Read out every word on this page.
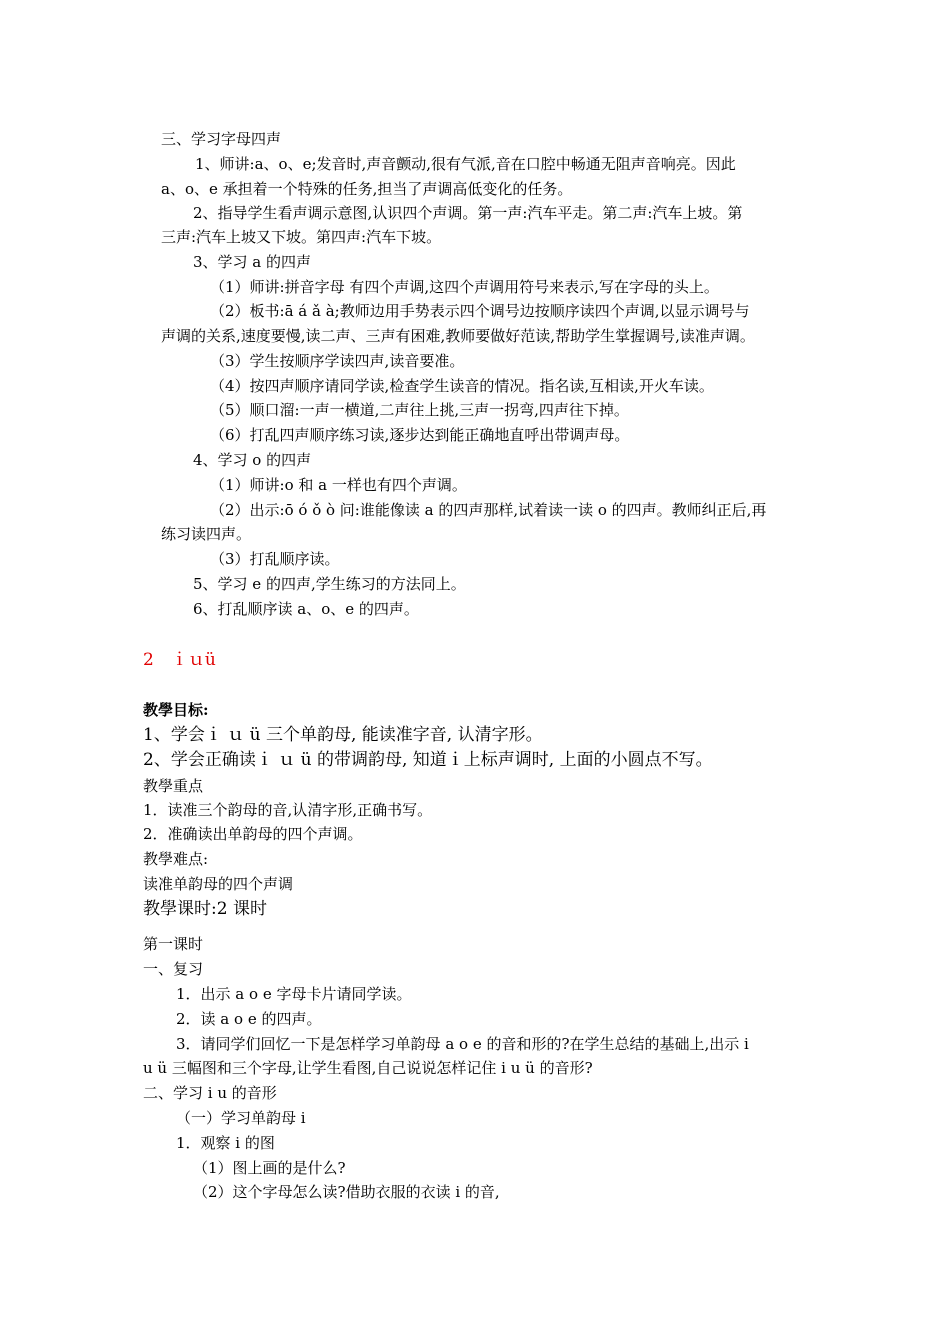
三、学习字母四声
1、师讲:a、o、e;发音时,声音颤动,很有气派,音在口腔中畅通无阻声音响亮。因此
a、o、e 承担着一个特殊的任务,担当了声调高低变化的任务。
2、指导学生看声调示意图,认识四个声调。第一声:汽车平走。第二声:汽车上坡。第
三声:汽车上坡又下坡。第四声:汽车下坡。
3、学习 a 的四声
（1）师讲:拼音字母 有四个声调,这四个声调用符号来表示,写在字母的头上。
（2）板书:ā á ǎ à;教师边用手势表示四个调号边按顺序读四个声调,以显示调号与
声调的关系,速度要慢,读二声、三声有困难,教师要做好范读,帮助学生掌握调号,读准声调。
（3）学生按顺序学读四声,读音要准。
（4）按四声顺序请同学读,检查学生读音的情况。指名读,互相读,开火车读。
（5）顺口溜:一声一横道,二声往上挑,三声一拐弯,四声往下掉。
（6）打乱四声顺序练习读,逐步达到能正确地直呼出带调声母。
4、学习 o 的四声
（1）师讲:o 和 a 一样也有四个声调。
（2）出示:ō ó ǒ ò 问:谁能像读 a 的四声那样,试着读一读 o 的四声。教师纠正后,再
练习读四声。
（3）打乱顺序读。
5、学习 e 的四声,学生练习的方法同上。
6、打乱顺序读 a、o、e 的四声。
2　ｉｕü
教學目标:
1、学会ｉ ｕ ü 三个单韵母, 能读准字音, 认清字形。
2、学会正确读ｉ ｕ ü 的带调韵母, 知道ｉ上标声调时, 上面的小圆点不写。
教學重点
1．读准三个韵母的音,认清字形,正确书写。
2．准确读出单韵母的四个声调。
教學难点:
读准单韵母的四个声调
教學课时:2 课时
第一课时
一、复习
1．出示 a o e 字母卡片请同学读。
2．读 a o e 的四声。
3．请同学们回忆一下是怎样学习单韵母 a o e 的音和形的?在学生总结的基础上,出示 i
u ü 三幅图和三个字母,让学生看图,自己说说怎样记住 i u ü 的音形?
二、学习 i u 的音形
（一）学习单韵母 i
1．观察 i 的图
（1）图上画的是什么?
（2）这个字母怎么读?借助衣服的衣读 i 的音,
